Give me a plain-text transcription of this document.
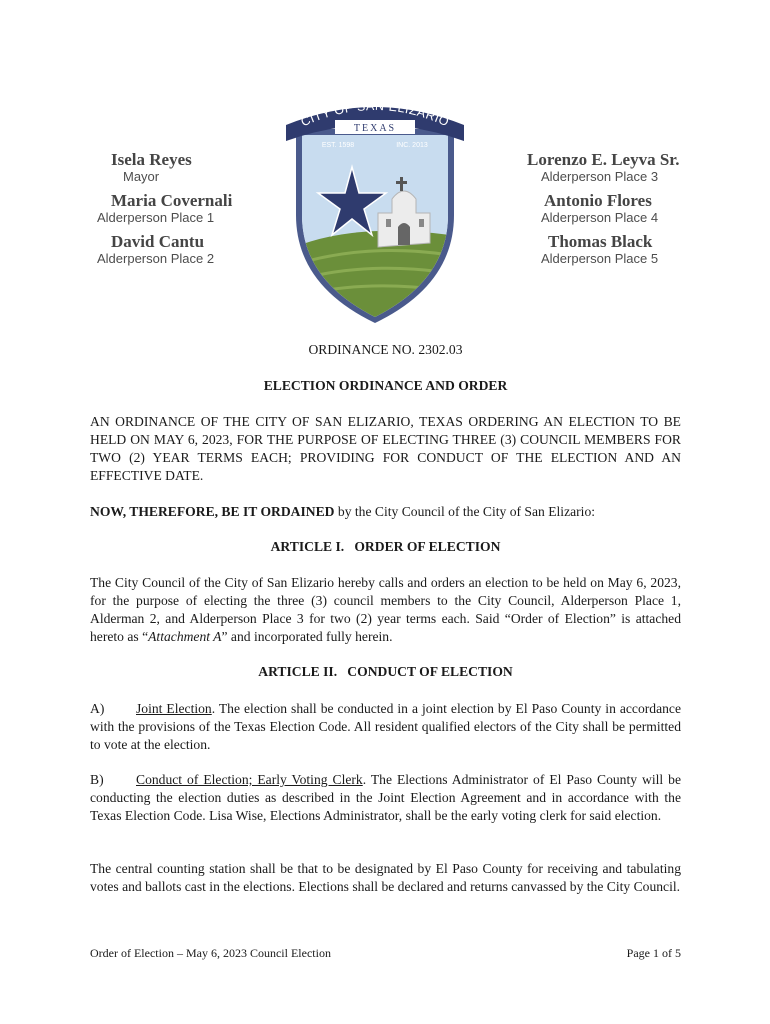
Isela Reyes
Mayor
Maria Covernali
Alderperson Place 1
David Cantu
Alderperson Place 2
Lorenzo E. Leyva Sr.
Alderperson Place 3
Antonio Flores
Alderperson Place 4
Thomas Black
Alderperson Place 5
CITY OF SAN ELIZARIO
TEXAS
EST. 1598	INC. 2013
ORDINANCE NO. 2302.03
ELECTION ORDINANCE AND ORDER
AN ORDINANCE OF THE CITY OF SAN ELIZARIO, TEXAS ORDERING AN ELECTION TO BE HELD ON MAY 6, 2023, FOR THE PURPOSE OF ELECTING THREE (3) COUNCIL MEMBERS FOR TWO (2) YEAR TERMS EACH; PROVIDING FOR CONDUCT OF THE ELECTION AND AN EFFECTIVE DATE.
NOW, THEREFORE, BE IT ORDAINED by the City Council of the City of San Elizario:
ARTICLE I.   ORDER OF ELECTION
The City Council of the City of San Elizario hereby calls and orders an election to be held on May 6, 2023, for the purpose of electing the three (3) council members to the City Council, Alderperson Place 1, Alderman 2, and Alderperson Place 3 for two (2) year terms each. Said “Order of Election” is attached hereto as “Attachment A” and incorporated fully herein.
ARTICLE II.   CONDUCT OF ELECTION
A) Joint Election. The election shall be conducted in a joint election by El Paso County in accordance with the provisions of the Texas Election Code. All resident qualified electors of the City shall be permitted to vote at the election.
B) Conduct of Election; Early Voting Clerk. The Elections Administrator of El Paso County will be conducting the election duties as described in the Joint Election Agreement and in accordance with the Texas Election Code. Lisa Wise, Elections Administrator, shall be the early voting clerk for said election.
The central counting station shall be that to be designated by El Paso County for receiving and tabulating votes and ballots cast in the elections. Elections shall be declared and returns canvassed by the City Council.
Order of Election – May 6, 2023 Council Election	Page 1 of 5
